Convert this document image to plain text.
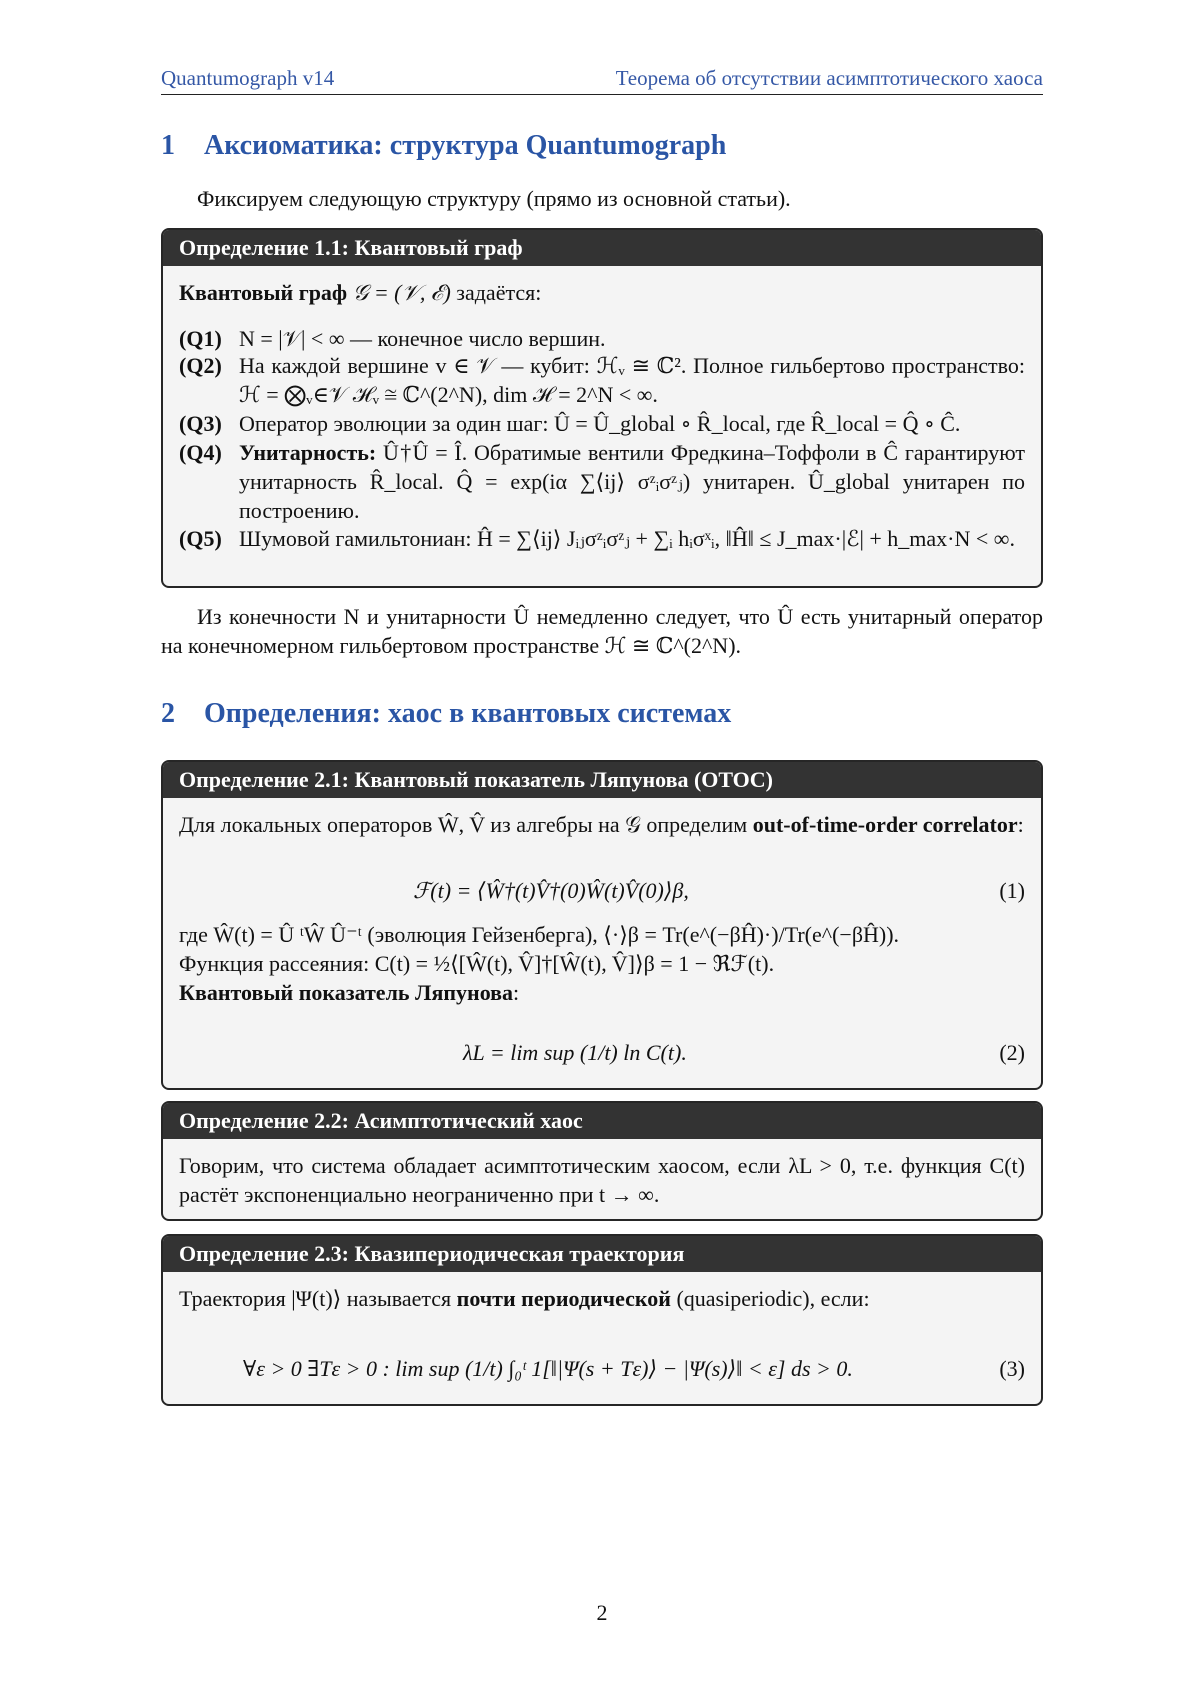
Quantumograph v14	Теорема об отсутствии асимптотического хаоса
1 Аксиоматика: структура Quantumograph
Фиксируем следующую структуру (прямо из основной статьи).
Определение 1.1: Квантовый граф
Квантовый граф 𝒢 = (𝒱, ℰ) задаётся:
(Q1) N = |𝒱| < ∞ — конечное число вершин.
(Q2) На каждой вершине v ∈ 𝒱 — кубит: ℋᵥ ≅ ℂ². Полное гильбертово пространство: ℋ = ⨂ᵥ∈𝒱 ℋᵥ ≅ ℂ^(2^N), dim ℋ = 2^N < ∞.
(Q3) Оператор эволюции за один шаг: Û = Û_global ∘ R̂_local, где R̂_local = Q̂ ∘ Ĉ.
(Q4) Унитарность: Û†Û = Î. Обратимые вентили Фредкина–Тоффоли в Ĉ гарантируют унитарность R̂_local. Q̂ = exp(iα ∑⟨ij⟩ σᶻᵢσᶻⱼ) унитарен. Û_global унитарен по построению.
(Q5) Шумовой гамильтониан: Ĥ = ∑⟨ij⟩ Jᵢⱼσᶻᵢσᶻⱼ + ∑ᵢ hᵢσˣᵢ, ‖Ĥ‖ ≤ J_max·|ℰ| + h_max·N < ∞.
Из конечности N и унитарности Û немедленно следует, что Û есть унитарный оператор на конечномерном гильбертовом пространстве ℋ ≅ ℂ^(2^N).
2 Определения: хаос в квантовых системах
Определение 2.1: Квантовый показатель Ляпунова (OTOC)
Для локальных операторов Ŵ, V̂ из алгебры на 𝒢 определим out-of-time-order correlator:
ℱ(t) = ⟨Ŵ†(t)V̂†(0)Ŵ(t)V̂(0)⟩β,	(1)
где Ŵ(t) = Û ᵗŴ Û⁻ᵗ (эволюция Гейзенберга), ⟨·⟩β = Tr(e^(−βĤ)·)/Tr(e^(−βĤ)).
Функция рассеяния: C(t) = ½⟨[Ŵ(t), V̂]†[Ŵ(t), V̂]⟩β = 1 − ℜℱ(t).
Квантовый показатель Ляпунова:
λL = lim sup (1/t) ln C(t).	(2)
Определение 2.2: Асимптотический хаос
Говорим, что система обладает асимптотическим хаосом, если λL > 0, т.е. функция C(t) растёт экспоненциально неограниченно при t → ∞.
Определение 2.3: Квазипериодическая траектория
Траектория |Ψ(t)⟩ называется почти периодической (quasiperiodic), если:
∀ε > 0 ∃Tε > 0 : lim sup (1/t) ∫₀ᵗ 1[‖|Ψ(s + Tε)⟩ − |Ψ(s)⟩‖ < ε] ds > 0.	(3)
2
